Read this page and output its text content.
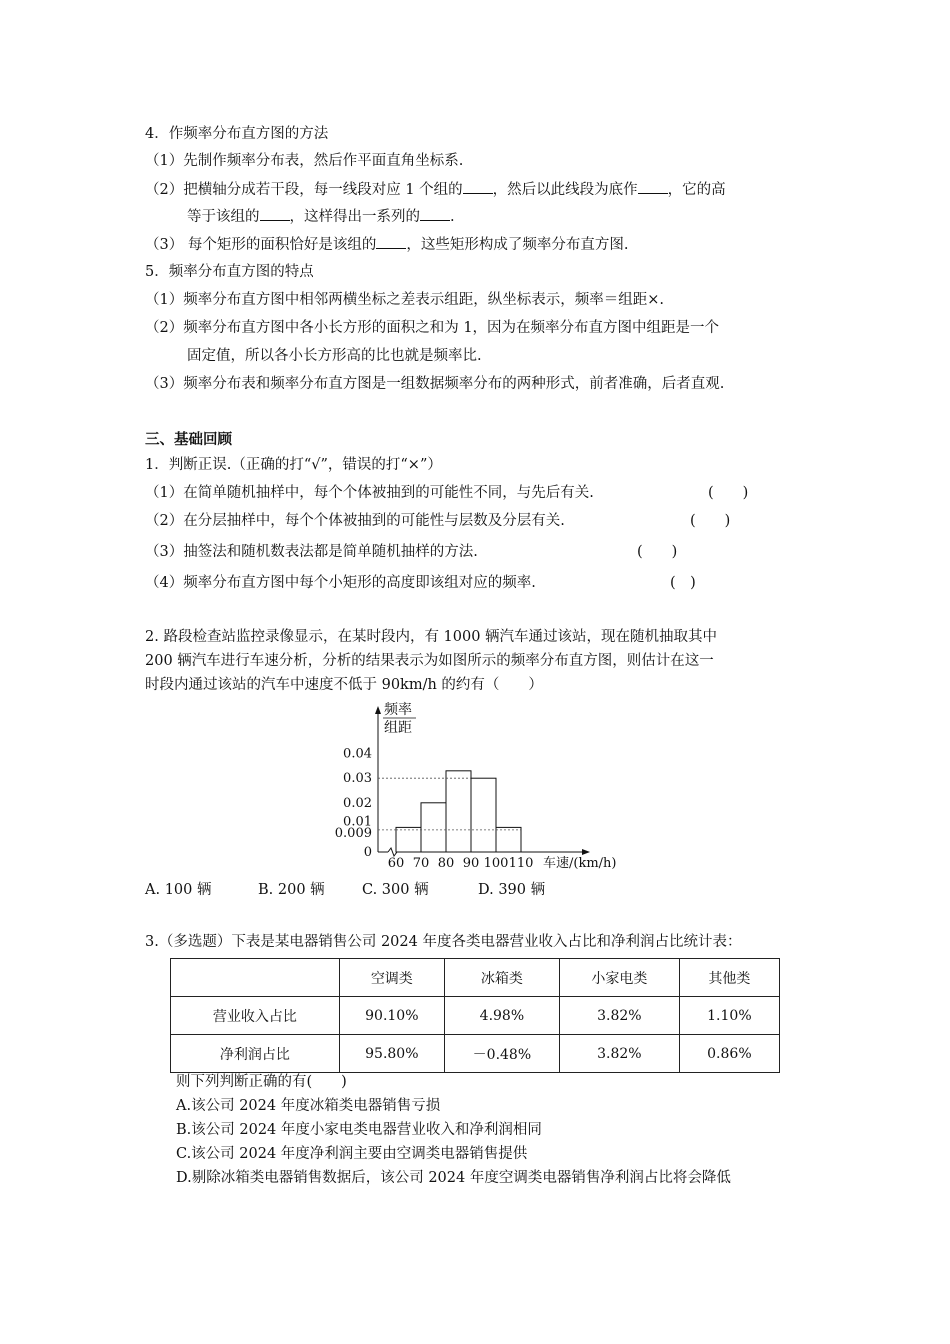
4．作频率分布直方图的方法
（1）先制作频率分布表，然后作平面直角坐标系.
（2）把横轴分成若干段，每一线段对应 1 个组的 ，然后以此线段为底作 ，它的高
等于该组的 ，这样得出一系列的 .
（3） 每个矩形的面积恰好是该组的 ，这些矩形构成了频率分布直方图.
5．频率分布直方图的特点
（1）频率分布直方图中相邻两横坐标之差表示组距，纵坐标表示，频率＝组距×.
（2）频率分布直方图中各小长方形的面积之和为 1，因为在频率分布直方图中组距是一个
固定值，所以各小长方形高的比也就是频率比.
（3）频率分布表和频率分布直方图是一组数据频率分布的两种形式，前者准确，后者直观.
三、基础回顾
1．判断正误.（正确的打“√”，错误的打“×”）
（1）在简单随机抽样中，每个个体被抽到的可能性不同，与先后有关.	(　　)
（2）在分层抽样中，每个个体被抽到的可能性与层数及分层有关.	(　　)
（3）抽签法和随机数表法都是简单随机抽样的方法.	(　　)
（4）频率分布直方图中每个小矩形的高度即该组对应的频率.	(　)
2. 路段检查站监控录像显示，在某时段内，有 1000 辆汽车通过该站，现在随机抽取其中
200 辆汽车进行车速分析，分析的结果表示为如图所示的频率分布直方图，则估计在这一
时段内通过该站的汽车中速度不低于 90km/h 的约有（　　）
0.04
0.03
0.02
0.01
0.009
0
60 70 80 90 100 110 车速/(km/h)
频率
组距
A. 100 辆	B. 200 辆	C. 300 辆	D. 390 辆
3.（多选题）下表是某电器销售公司 2024 年度各类电器营业收入占比和净利润占比统计表：
	空调类	冰箱类	小家电类	其他类
营业收入占比	90.10%	4.98%	3.82%	1.10%
净利润占比	95.80%	－0.48%	3.82%	0.86%
则下列判断正确的有(　　)
A.该公司 2024 年度冰箱类电器销售亏损
B.该公司 2024 年度小家电类电器营业收入和净利润相同
C.该公司 2024 年度净利润主要由空调类电器销售提供
D.剔除冰箱类电器销售数据后，该公司 2024 年度空调类电器销售净利润占比将会降低
